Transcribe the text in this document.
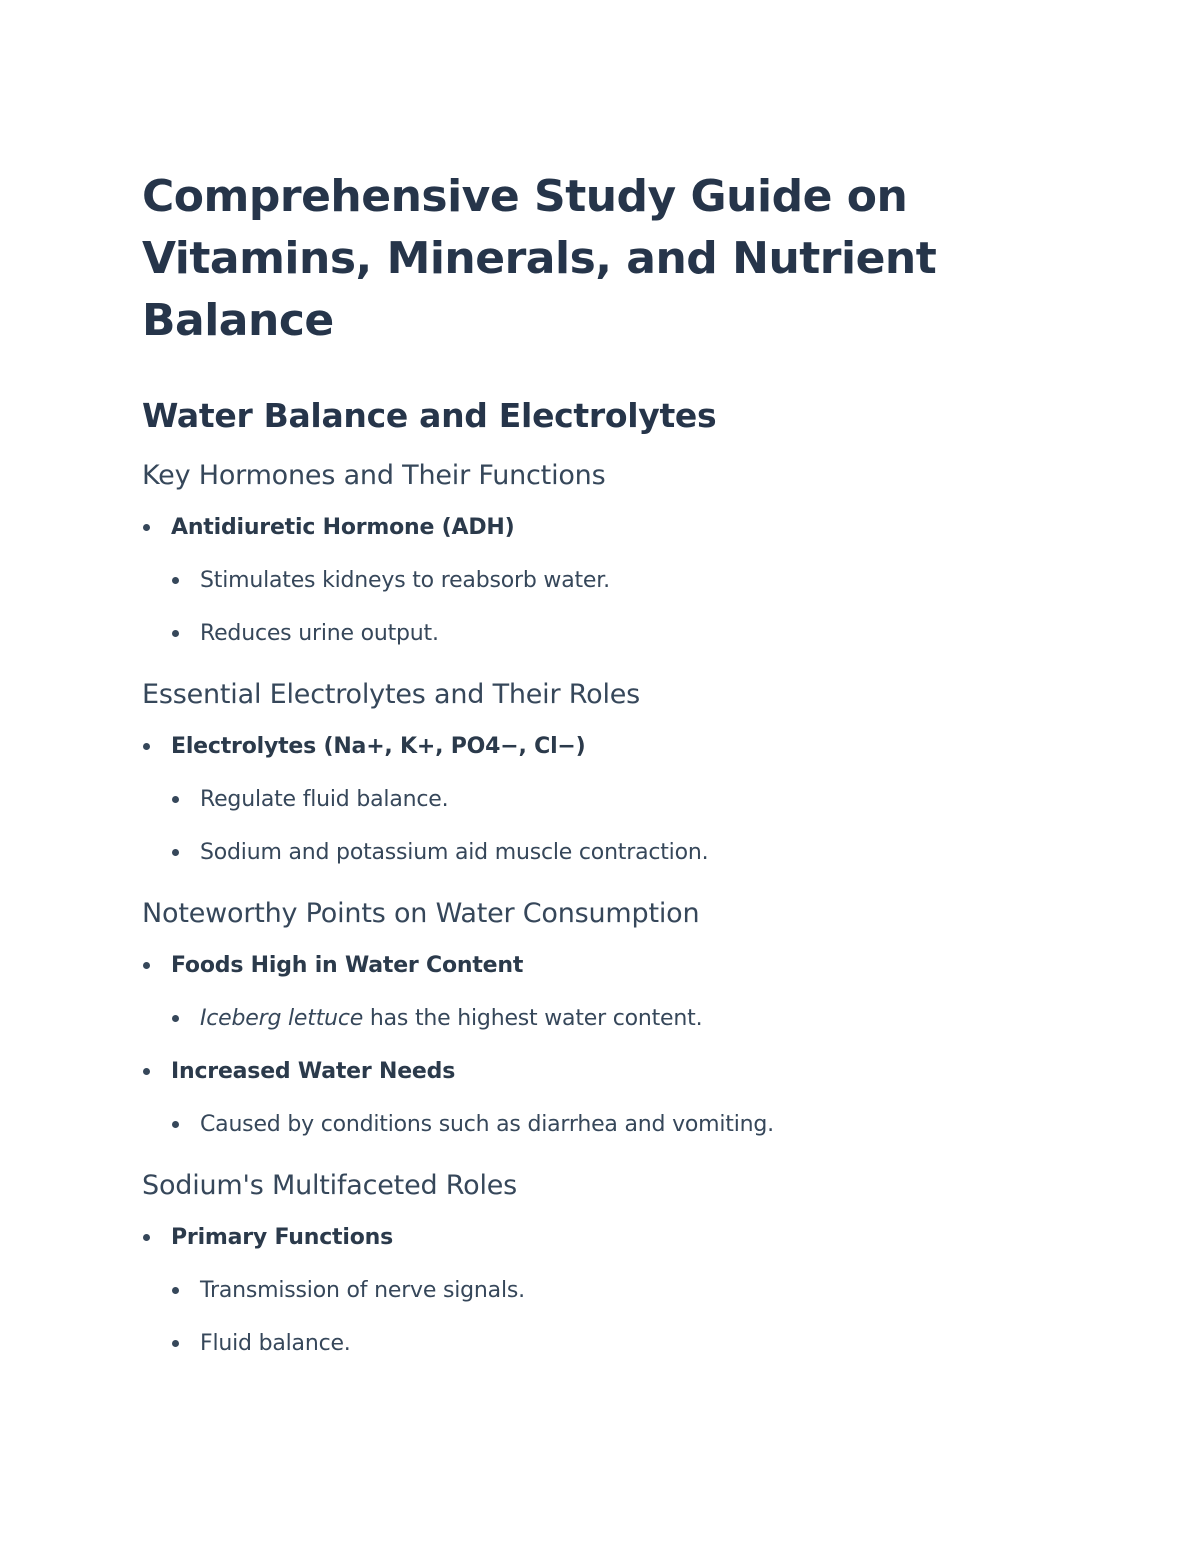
Comprehensive Study Guide on Vitamins, Minerals, and Nutrient Balance
Water Balance and Electrolytes
Key Hormones and Their Functions
Antidiuretic Hormone (ADH)
Stimulates kidneys to reabsorb water.
Reduces urine output.
Essential Electrolytes and Their Roles
Electrolytes (Na+, K+, PO4−, Cl−)
Regulate fluid balance.
Sodium and potassium aid muscle contraction.
Noteworthy Points on Water Consumption
Foods High in Water Content
Iceberg lettuce has the highest water content.
Increased Water Needs
Caused by conditions such as diarrhea and vomiting.
Sodium's Multifaceted Roles
Primary Functions
Transmission of nerve signals.
Fluid balance.
